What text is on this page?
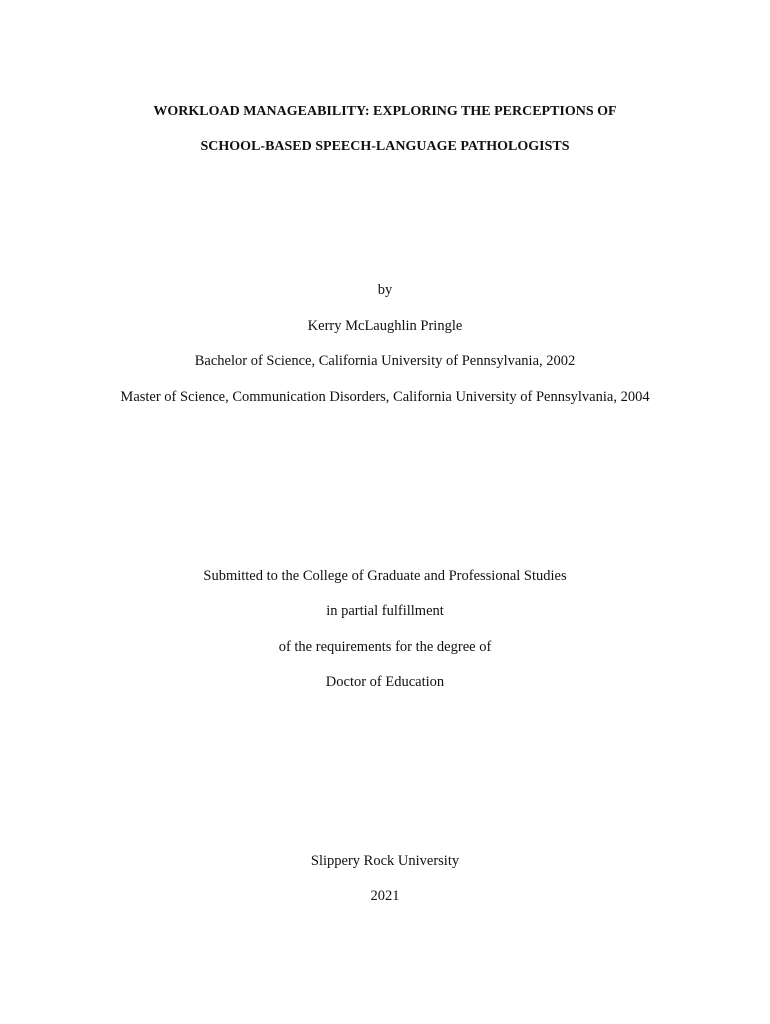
WORKLOAD MANAGEABILITY: EXPLORING THE PERCEPTIONS OF
SCHOOL-BASED SPEECH-LANGUAGE PATHOLOGISTS
by
Kerry McLaughlin Pringle
Bachelor of Science, California University of Pennsylvania, 2002
Master of Science, Communication Disorders, California University of Pennsylvania, 2004
Submitted to the College of Graduate and Professional Studies
in partial fulfillment
of the requirements for the degree of
Doctor of Education
Slippery Rock University
2021
